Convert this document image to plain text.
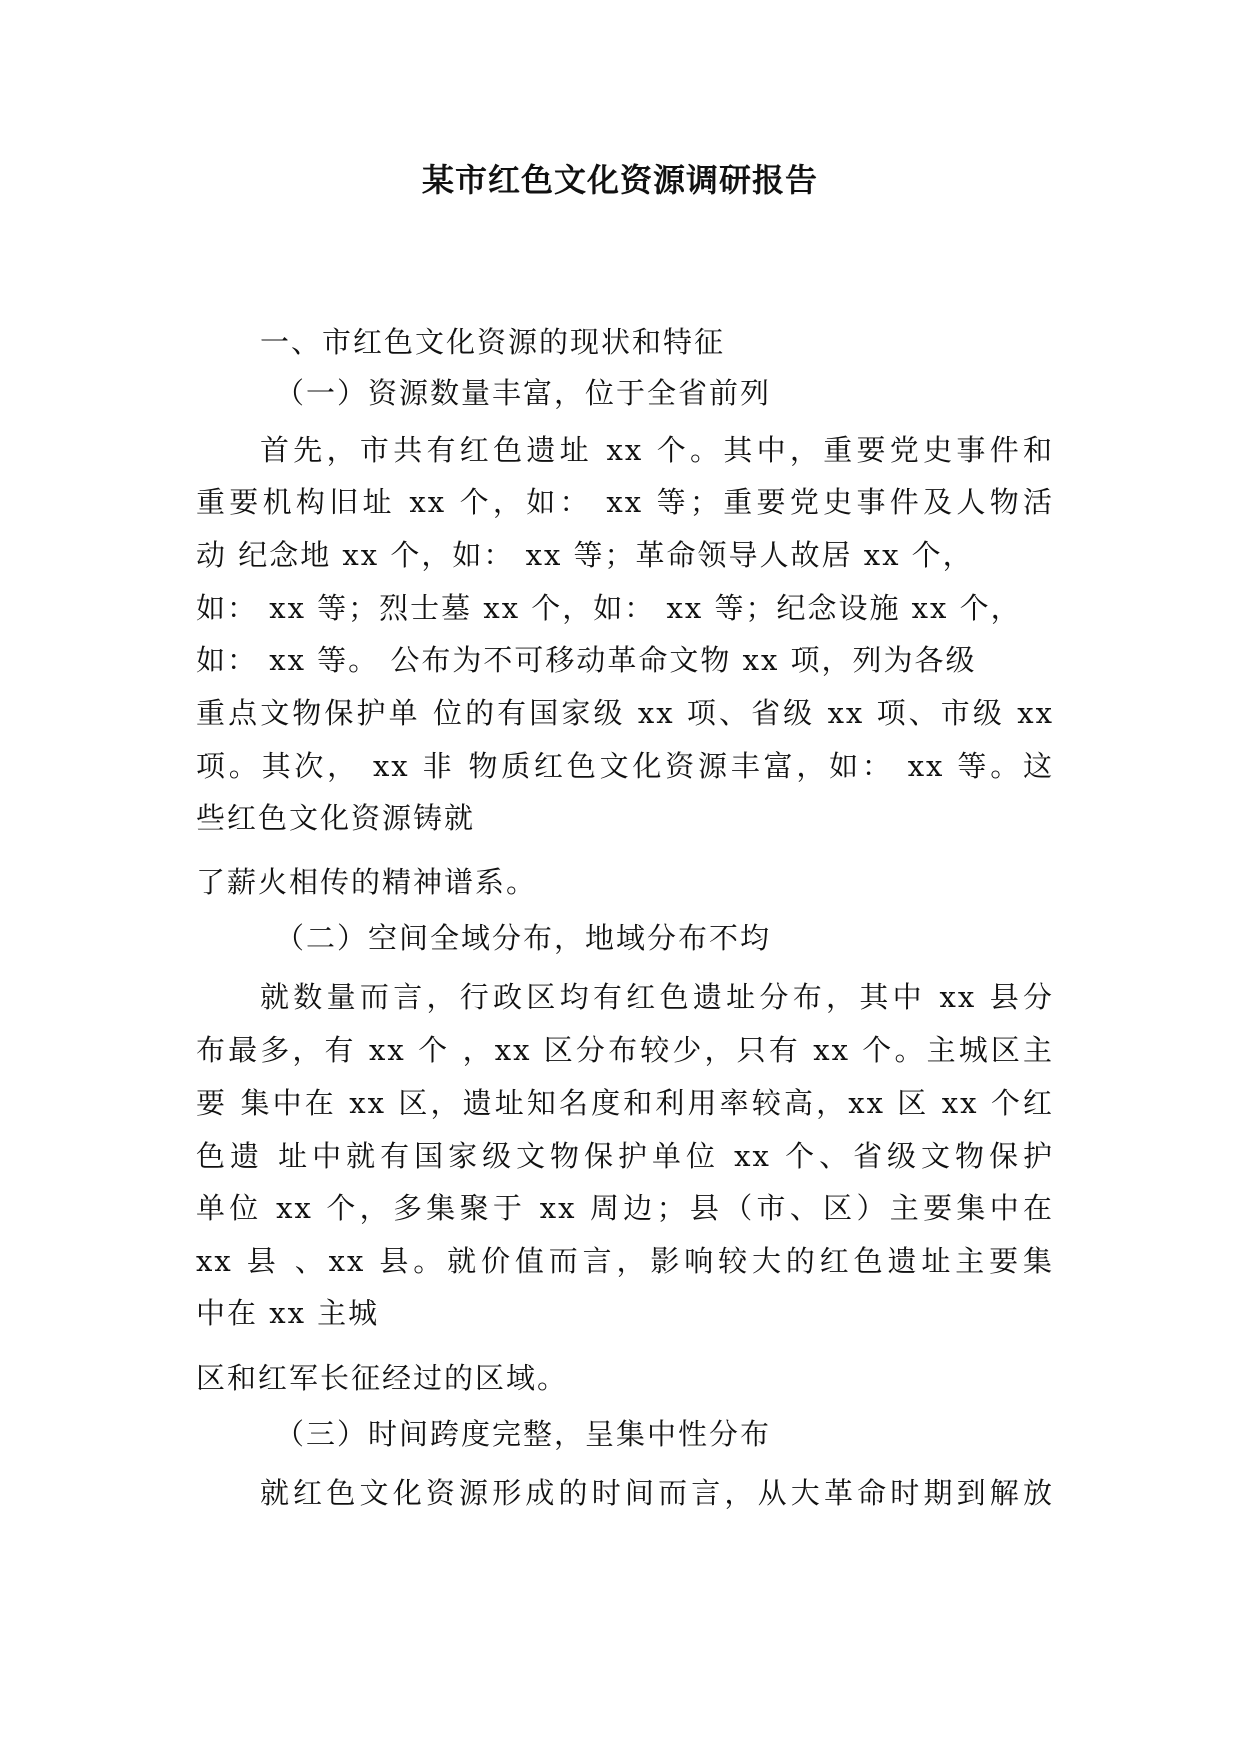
某市红色文化资源调研报告
一、市红色文化资源的现状和特征
（一）资源数量丰富，位于全省前列
首先，市共有红色遗址 xx 个。其中，重要党史事件和
重要机构旧址 xx 个，如： xx 等；重要党史事件及人物活
动 纪念地 xx 个，如： xx 等；革命领导人故居 xx 个，
如： xx 等；烈士墓 xx 个，如： xx 等；纪念设施 xx 个，
如： xx 等。 公布为不可移动革命文物 xx 项，列为各级
重点文物保护单 位的有国家级 xx 项、省级 xx 项、市级 xx
项。其次， xx 非 物质红色文化资源丰富，如： xx 等。这
些红色文化资源铸就
了薪火相传的精神谱系。
（二）空间全域分布，地域分布不均
就数量而言，行政区均有红色遗址分布，其中 xx 县分
布最多，有 xx 个 ，xx 区分布较少，只有 xx 个。主城区主
要 集中在 xx 区，遗址知名度和利用率较高，xx 区 xx 个红
色遗 址中就有国家级文物保护单位 xx 个、省级文物保护
单位 xx 个，多集聚于 xx 周边；县（市、区）主要集中在
xx 县 、xx 县。就价值而言，影响较大的红色遗址主要集
中在 xx 主城
区和红军长征经过的区域。
（三）时间跨度完整，呈集中性分布
就红色文化资源形成的时间而言，从大革命时期到解放
